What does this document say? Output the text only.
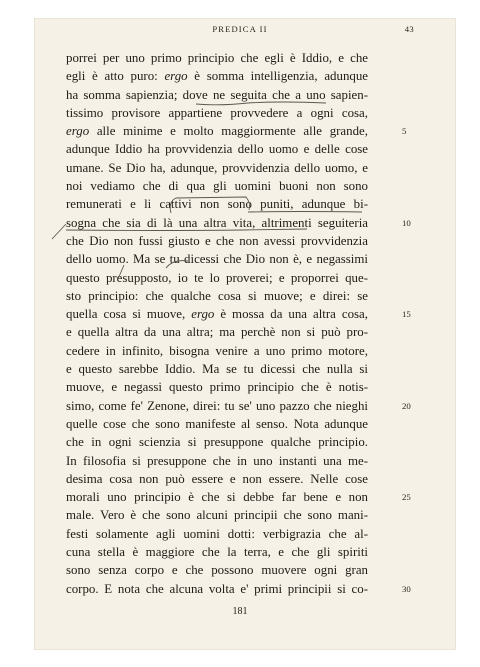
PREDICA II	43
porrei per uno primo principio che egli è Iddio, e che
egli è atto puro: ergo è somma intelligenzia, adunque
ha somma sapienzia; dove ne seguita che a uno sapien-
tissimo provisore appartiene provvedere a ogni cosa,
ergo alle minime e molto maggiormente alle grande,
adunque Iddio ha provvidenzia dello uomo e delle cose
umane. Se Dio ha, adunque, provvidenzia dello uomo, e
noi vediamo che di qua gli uomini buoni non sono
remunerati e li cattivi non sono puniti, adunque bi-
sogna che sia di là una altra vita, altrimenti seguiteria
che Dio non fussi giusto e che non avessi provvidenzia
dello uomo. Ma se tu dicessi che Dio non è, e negassimi
questo presupposto, io te lo proverei; e proporrei que-
sto principio: che qualche cosa si muove; e direi: se
quella cosa si muove, ergo è mossa da una altra cosa,
e quella altra da una altra; ma perchè non si può pro-
cedere in infinito, bisogna venire a uno primo motore,
e questo sarebbe Iddio. Ma se tu dicessi che nulla si
muove, e negassi questo primo principio che è notis-
simo, come fe' Zenone, direi: tu se' uno pazzo che nieghi
quelle cose che sono manifeste al senso. Nota adunque
che in ogni scienzia si presuppone qualche principio.
In filosofia si presuppone che in uno instanti una me-
desima cosa non può essere e non essere. Nelle cose
morali uno principio è che si debbe far bene e non
male. Vero è che sono alcuni principii che sono mani-
festi solamente agli uomini dotti: verbigrazia che al-
cuna stella è maggiore che la terra, e che gli spiriti
sono senza corpo e che possono muovere ogni gran
corpo. E nota che alcuna volta e' primi principii si co-
5
10
15
20
25
30
181
